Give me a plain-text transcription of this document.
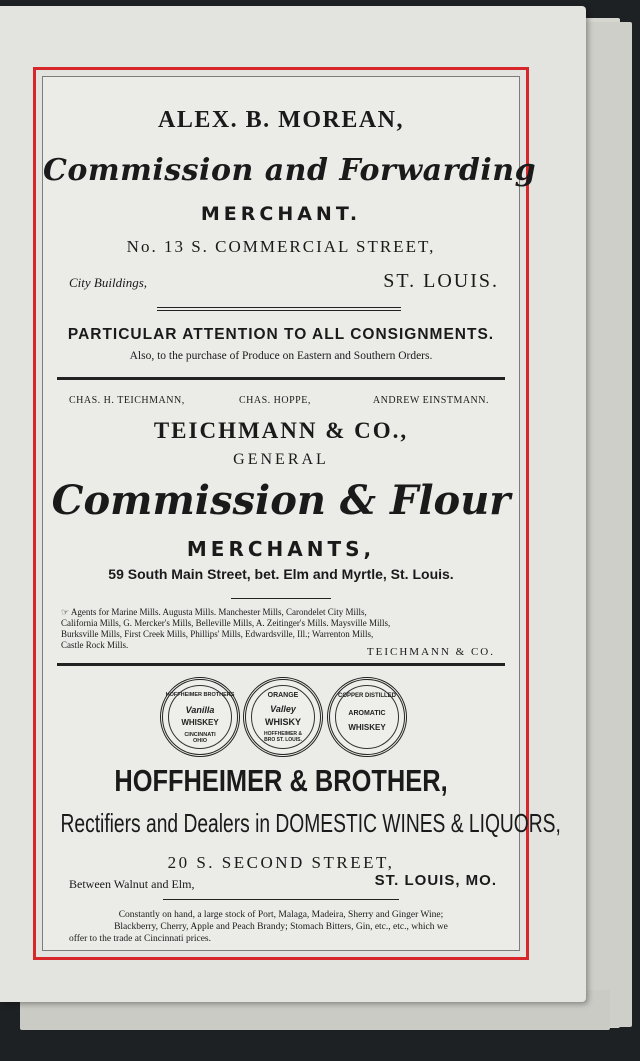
ALEX. B. MOREAN,
Commission and Forwarding
MERCHANT.
No. 13 S. COMMERCIAL STREET,
City Buildings,	ST. LOUIS.
PARTICULAR ATTENTION TO ALL CONSIGNMENTS.
Also, to the purchase of Produce on Eastern and Southern Orders.
CHAS. H. TEICHMANN,	CHAS. HOPPE,	ANDREW EINSTMANN.
TEICHMANN & CO.,
GENERAL
Commission & Flour
MERCHANTS,
59 South Main Street, bet. Elm and Myrtle, St. Louis.
☞ Agents for Marine Mills. Augusta Mills. Manchester Mills, Carondelet City Mills,
California Mills, G. Mercker's Mills, Belleville Mills, A. Zeitinger's Mills. Maysville Mills,
Burksville Mills, First Creek Mills, Phillips' Mills, Edwardsville, Ill.; Warrenton Mills,
Castle Rock Mills.
TEICHMANN & CO.
HOFFHEIMER BROTHERS
Vanilla
WHISKEY
CINCINNATI OHIO
ORANGE
Valley
WHISKY
HOFFHEIMER & BRO ST. LOUIS.
COPPER DISTILLED
AROMATIC
WHISKEY
HOFFHEIMER & BROTHER,
Rectifiers and Dealers in DOMESTIC WINES & LIQUORS,
20 S. SECOND STREET,
Between Walnut and Elm,	ST. LOUIS, MO.
Constantly on hand, a large stock of Port, Malaga, Madeira, Sherry and Ginger Wine;
Blackberry, Cherry, Apple and Peach Brandy; Stomach Bitters, Gin, etc., etc., which we
offer to the trade at Cincinnati prices.
